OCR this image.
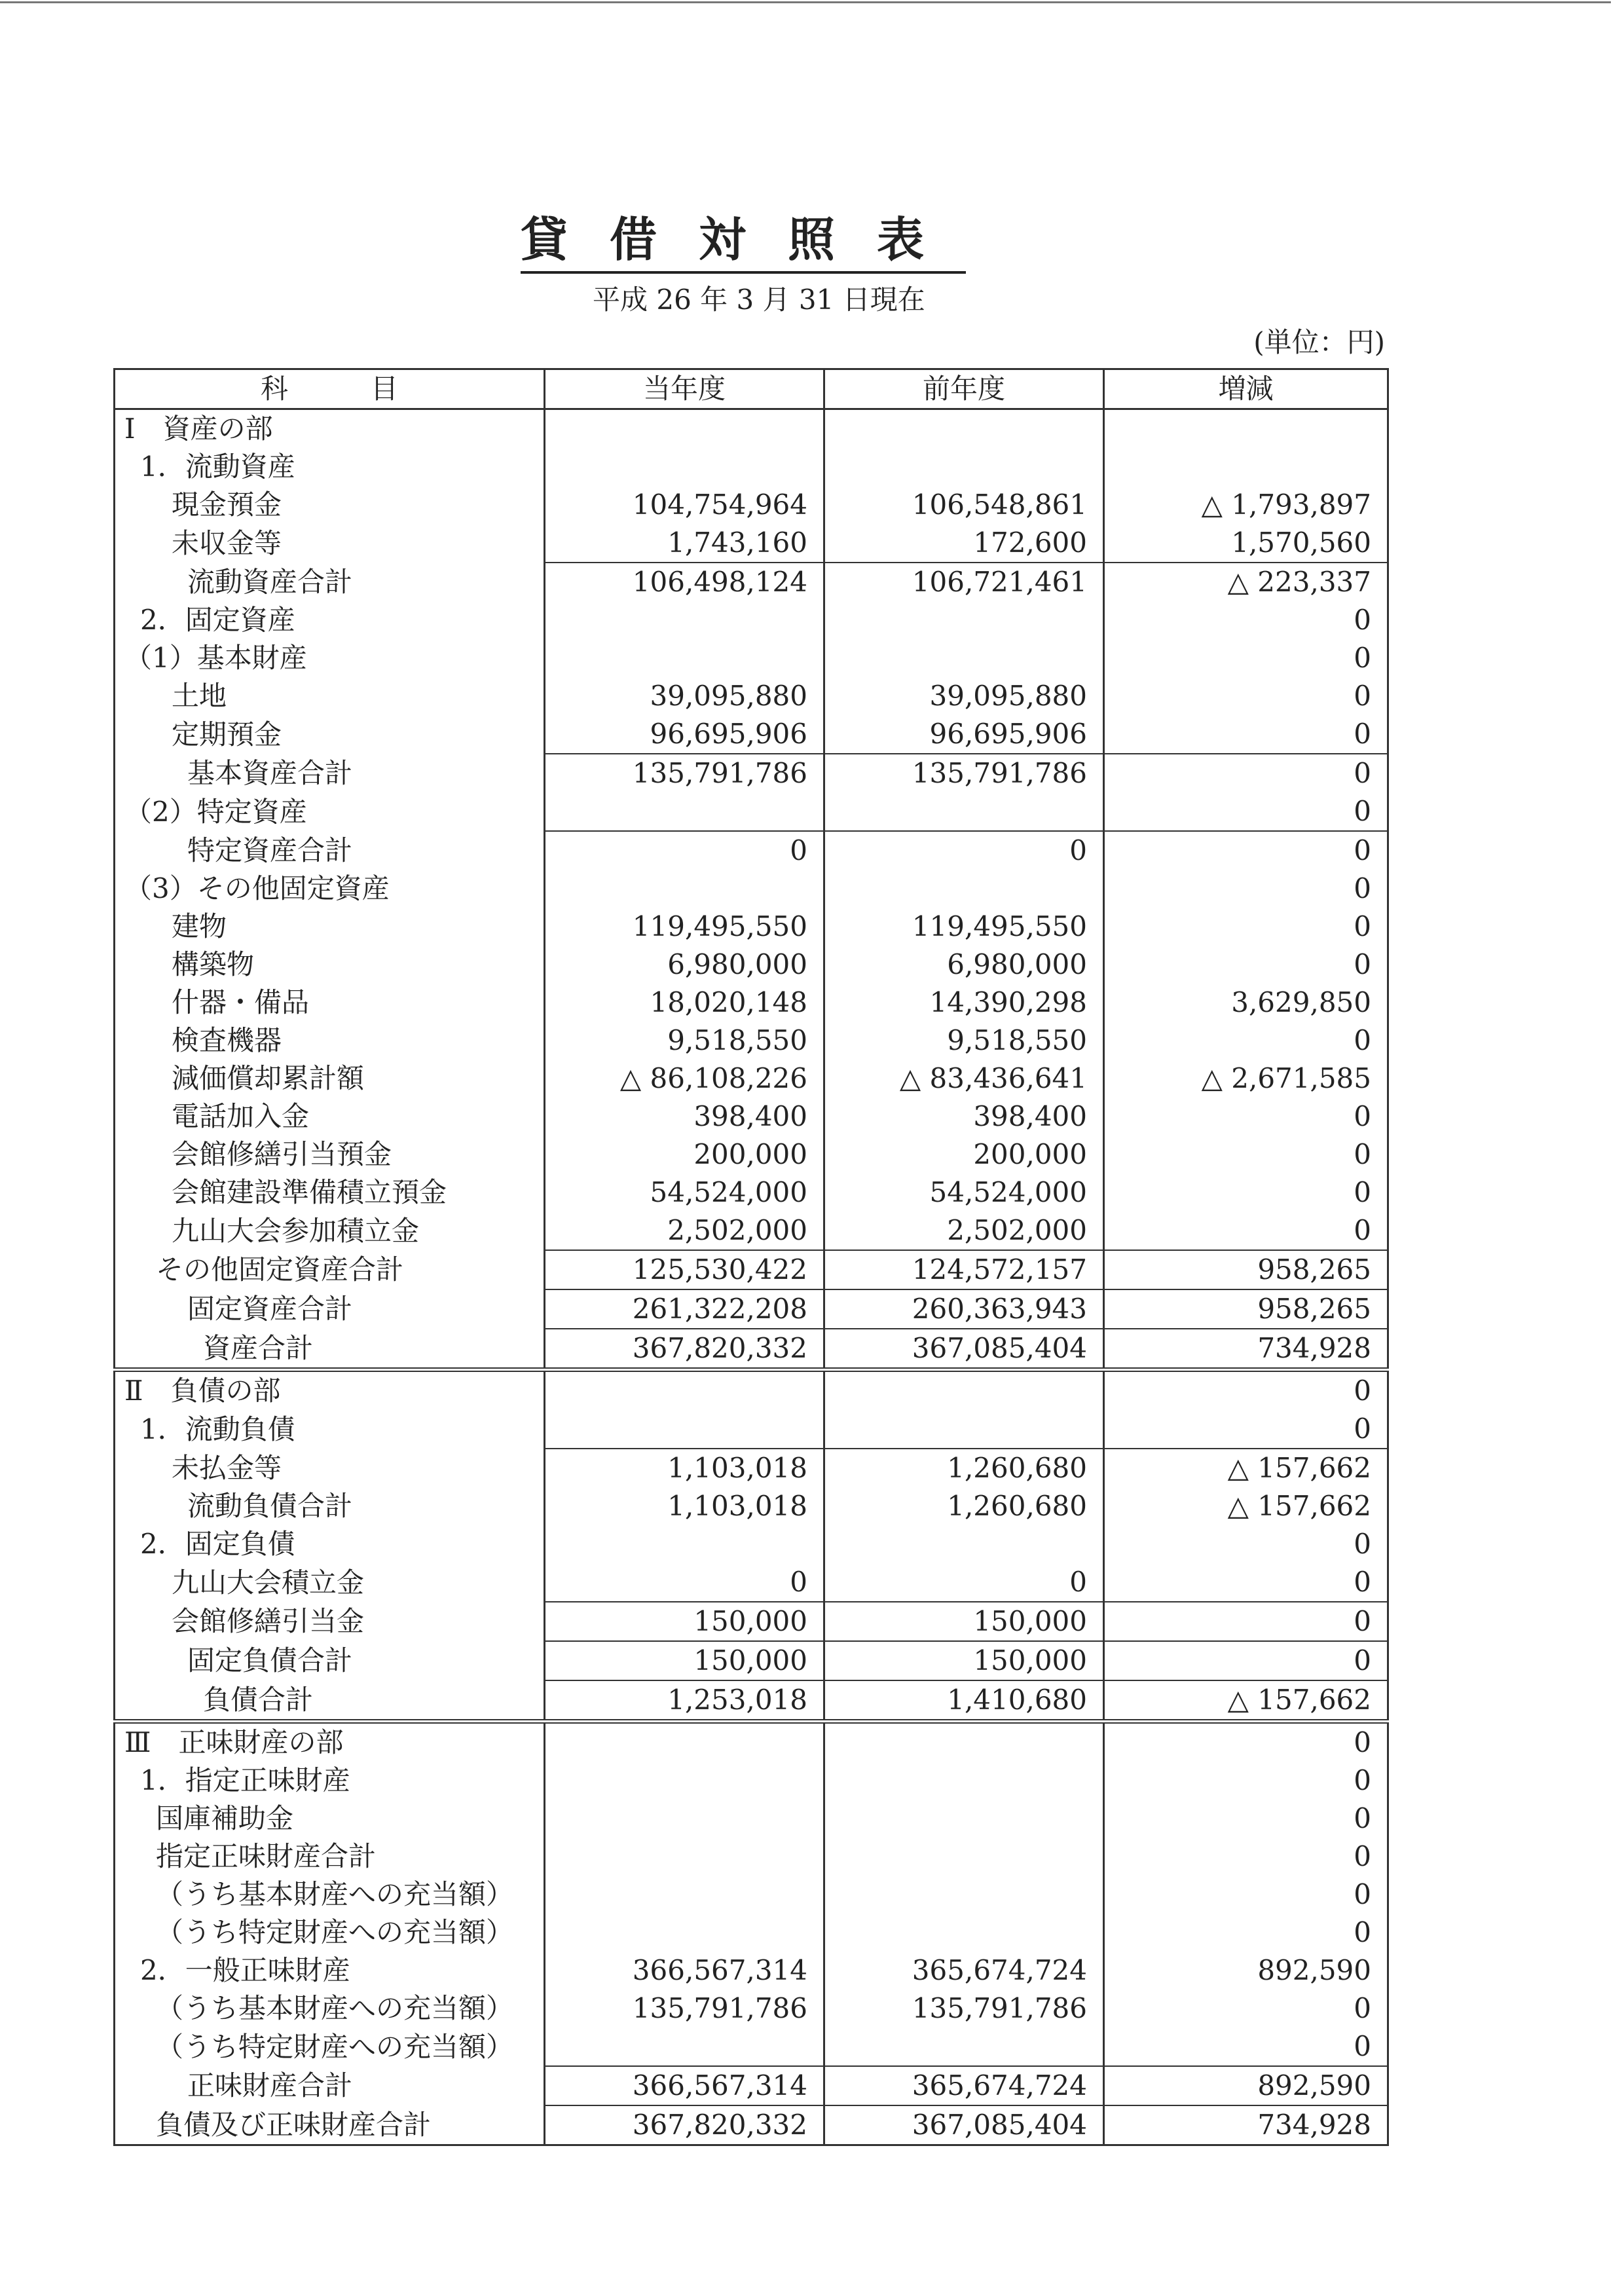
貸借対照表
平成 26 年 3 月 31 日現在
(単位：円)
科　　　目	当年度	前年度	増減
Ⅰ　資産の部			
1．流動資産			
現金預金	104,754,964	106,548,861	△ 1,793,897
未収金等	1,743,160	172,600	1,570,560
流動資産合計	106,498,124	106,721,461	△ 223,337
2．固定資産			0
（1）基本財産			0
土地	39,095,880	39,095,880	0
定期預金	96,695,906	96,695,906	0
基本資産合計	135,791,786	135,791,786	0
（2）特定資産			0
特定資産合計	0	0	0
（3）その他固定資産			0
建物	119,495,550	119,495,550	0
構築物	6,980,000	6,980,000	0
什器・備品	18,020,148	14,390,298	3,629,850
検査機器	9,518,550	9,518,550	0
減価償却累計額	△ 86,108,226	△ 83,436,641	△ 2,671,585
電話加入金	398,400	398,400	0
会館修繕引当預金	200,000	200,000	0
会館建設準備積立預金	54,524,000	54,524,000	0
九山大会参加積立金	2,502,000	2,502,000	0
その他固定資産合計	125,530,422	124,572,157	958,265
固定資産合計	261,322,208	260,363,943	958,265
資産合計	367,820,332	367,085,404	734,928
Ⅱ　負債の部			0
1．流動負債			0
未払金等	1,103,018	1,260,680	△ 157,662
流動負債合計	1,103,018	1,260,680	△ 157,662
2．固定負債			0
九山大会積立金	0	0	0
会館修繕引当金	150,000	150,000	0
固定負債合計	150,000	150,000	0
負債合計	1,253,018	1,410,680	△ 157,662
Ⅲ　正味財産の部			0
1．指定正味財産			0
国庫補助金			0
指定正味財産合計			0
（うち基本財産への充当額）			0
（うち特定財産への充当額）			0
2．一般正味財産	366,567,314	365,674,724	892,590
（うち基本財産への充当額）	135,791,786	135,791,786	0
（うち特定財産への充当額）			0
正味財産合計	366,567,314	365,674,724	892,590
負債及び正味財産合計	367,820,332	367,085,404	734,928
